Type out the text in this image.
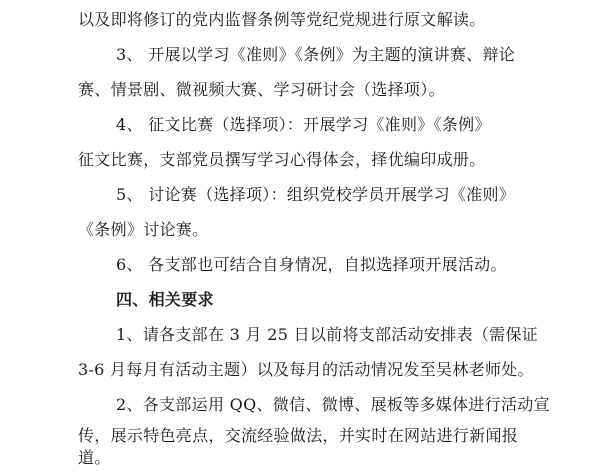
以及即将修订的党内监督条例等党纪党规进行原文解读。
3、 开展以学习《准则》《条例》为主题的演讲赛、辩论
赛、情景剧、微视频大赛、学习研讨会（选择项）。
4、 征文比赛（选择项）：开展学习《准则》《条例》
征文比赛，支部党员撰写学习心得体会，择优编印成册。
5、 讨论赛（选择项）：组织党校学员开展学习《准则》
《条例》讨论赛。
6、 各支部也可结合自身情况，自拟选择项开展活动。
四、相关要求
1、请各支部在 3 月 25 日以前将支部活动安排表（需保证
3-6 月每月有活动主题）以及每月的活动情况发至吴林老师处。
2、各支部运用 QQ、微信、微博、展板等多媒体进行活动宣
传，展示特色亮点，交流经验做法，并实时在网站进行新闻报
道。
